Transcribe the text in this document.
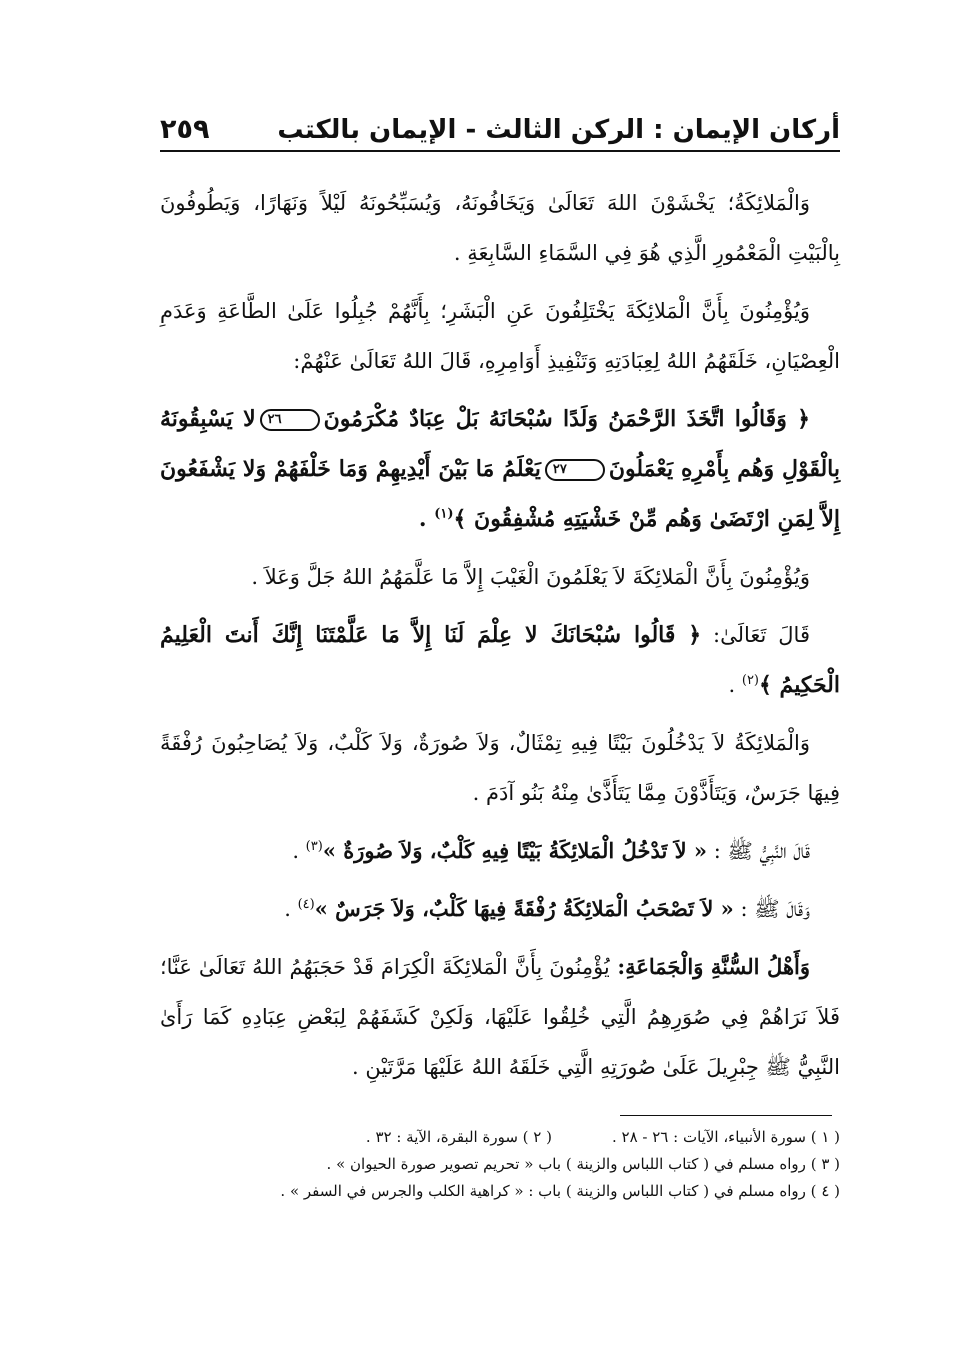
أركان الإيمان : الركن الثالث - الإيمان بالكتب
٢٥٩

وَالْمَلائِكَةُ؛ يَخْشَوْنَ اللهَ تَعَالَىٰ وَيَخَافُونَهُ، وَيُسَبِّحُونَهُ لَيْلاً وَنَهَارًا، وَيَطُوفُونَ بِالْبَيْتِ الْمَعْمُورِ الَّذِي هُوَ فِي السَّمَاءِ السَّابِعَةِ .

وَيُؤْمِنُونَ بِأَنَّ الْمَلائِكَةَ يَخْتَلِفُونَ عَنِ الْبَشَرِ؛ بِأَنَّهُمْ جُبِلُوا عَلَىٰ الطَّاعَةِ وَعَدَمِ الْعِصْيَانِ، خَلَقَهُمُ اللهُ لِعِبَادَتِهِ وَتَنْفِيذِ أَوَامِرِهِ، قَالَ اللهُ تَعَالَىٰ عَنْهُمْ:

﴿ وَقَالُوا اتَّخَذَ الرَّحْمَنُ وَلَدًا سُبْحَانَهُ بَلْ عِبَادٌ مُكْرَمُونَ٢٦لا يَسْبِقُونَهُ بِالْقَوْلِ وَهُم بِأَمْرِهِ يَعْمَلُونَ٢٧يَعْلَمُ مَا بَيْنَ أَيْدِيهِمْ وَمَا خَلْفَهُمْ وَلا يَشْفَعُونَ إِلاَّ لِمَنِ ارْتَضَىٰ وَهُم مِّنْ خَشْيَتِهِ مُشْفِقُونَ ﴾$^{(١)}$ .

وَيُؤْمِنُونَ بِأَنَّ الْمَلائِكَةَ لاَ يَعْلَمُونَ الْغَيْبَ إِلاَّ مَا عَلَّمَهُمُ اللهُ جَلَّ وَعَلاَ .

قَالَ تَعَالَىٰ: ﴿ قَالُوا سُبْحَانَكَ لا عِلْمَ لَنَا إِلاَّ مَا عَلَّمْتَنَا إِنَّكَ أَنتَ الْعَلِيمُ الْحَكِيمُ ﴾$^{(٢)}$ .

وَالْمَلائِكَةُ لاَ يَدْخُلُونَ بَيْتًا فِيهِ تِمْثَالٌ، وَلاَ صُورَةٌ، وَلاَ كَلْبٌ، وَلاَ يُصَاحِبُونَ رُفْقَةً فِيهَا جَرَسٌ، وَيَتَأَذَّوْنَ مِمَّا يَتَأَذَّىٰ مِنْهُ بَنُو آدَمَ .

قَالَ النَّبِيُّ ﷺ : « لاَ تَدْخُلُ الْمَلائِكَةُ بَيْتًا فِيهِ كَلْبٌ، وَلاَ صُورَةٌ »$^{(٣)}$ .

وَقَالَ ﷺ : « لاَ تَصْحَبُ الْمَلائِكَةُ رُفْقَةً فِيهَا كَلْبٌ، وَلاَ جَرَسٌ »$^{(٤)}$ .

وَأَهْلُ السُّنَّةِ وَالْجَمَاعَةِ: يُؤْمِنُونَ بِأَنَّ الْمَلائِكَةَ الْكِرَامَ قَدْ حَجَبَهُمُ اللهُ تَعَالَىٰ عَنَّا؛ فَلاَ نَرَاهُمْ فِي صُوَرِهِمُ الَّتِي خُلِقُوا عَلَيْهَا، وَلَكِنْ كَشَفَهُمْ لِبَعْضِ عِبَادِهِ كَمَا رَأَىٰ النَّبِيُّ ﷺ جِبْرِيلَ عَلَىٰ صُورَتِهِ الَّتِي خَلَقَهُ اللهُ عَلَيْهَا مَرَّتَيْنِ .

( ١ ) سورة الأنبياء، الآيات : ٢٦ - ٢٨ .( ٢ ) سورة البقرة، الآية : ٣٢ .
( ٣ ) رواه مسلم في ( كتاب اللباس والزينة ) باب « تحريم تصوير صورة الحيوان » .
( ٤ ) رواه مسلم في ( كتاب اللباس والزينة ) باب : « كراهية الكلب والجرس في السفر » .
